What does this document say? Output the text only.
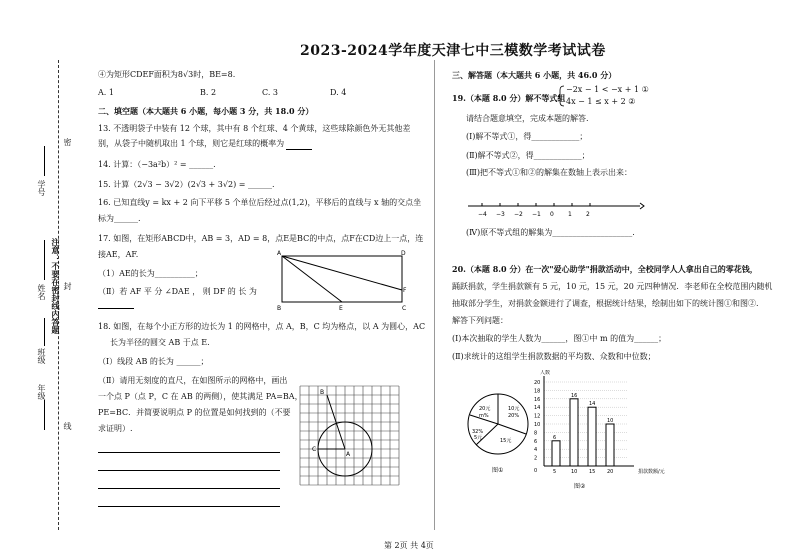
2023-2024学年度天津七中三模数学考试试卷
学号
姓名
班级
年级
注意：不要在密封线内答题
密
封
线
④为矩形CDEF面积为8√3时，BE=8.
A. 1	B. 2	C. 3	D. 4
二、填空题（本大题共 6 小题，每小题 3 分，共 18.0 分）
13. 不透明袋子中装有 12 个球，其中有 8 个红球、4 个黄球，这些球除颜色外无其他差
别，从袋子中随机取出 1 个球，则它是红球的概率为
14. 计算：（−3a²b）² = ______.
15. 计算（2√3 − 3√2）(2√3 + 3√2) = ______.
16. 已知直线y = kx + 2 向下平移 5 个单位后经过点(1,2)，平移后的直线与 x 轴的交点坐
标为______.
17. 如图，在矩形ABCD中，AB = 3，AD = 8，点E是BC的中点，点F在CD边上一点，连
接AE，AF.
（1）AE的长为__________；
（Ⅱ）若 AF 平 分 ∠DAE ， 则 DF 的 长 为
A	D
B	E	C
F
18. 如图，在每个小正方形的边长为 1 的网格中，点 A，B，C 均为格点，以 A 为圆心，AC
长为半径的圆交 AB 于点 E.
（Ⅰ）线段 AB 的长为 ______；
（Ⅱ）请用无刻度的直尺，在如图所示的网格中，画出
一个点 P（点 P，C 在 AB 的两侧），使其满足 PA=BA，
PE=BC．并简要说明点 P 的位置是如何找到的（不要
求证明）.
B
A
C
三、解答题（本大题共 6 小题，共 46.0 分）
19.（本题 8.0 分）解不等式组
−2x − 1 < −x + 1 ①
4x − 1 ≤ x + 2 ②
请结合题意填空，完成本题的解答.
(Ⅰ)解不等式①，得____________；
(Ⅱ)解不等式②，得____________；
(Ⅲ)把不等式①和②的解集在数轴上表示出来：
−4 −3 −2 −1 0 1 2
(Ⅳ)原不等式组的解集为____________________.
20.（本题 8.0 分）在一次"爱心助学"捐款活动中，全校同学人人拿出自己的零花钱，
踊跃捐款，学生捐款额有 5 元，10 元，15 元，20 元四种情况．李老师在全校范围内随机
抽取部分学生，对捐款金额进行了调查，根据统计结果，绘制出如下的统计图①和图②.
解答下列问题：
(Ⅰ)本次抽取的学生人数为______，图①中 m 的值为______；
(Ⅱ)求统计的这组学生捐款数据的平均数、众数和中位数；
10元
20%
20元
m%
32%
5元	15元
图①
2
4
6
8
10
12
14
16
18
20
人数
0
6
5
16
10
14
15
10
20	捐款数额/元
图②
第 2页 共 4页
